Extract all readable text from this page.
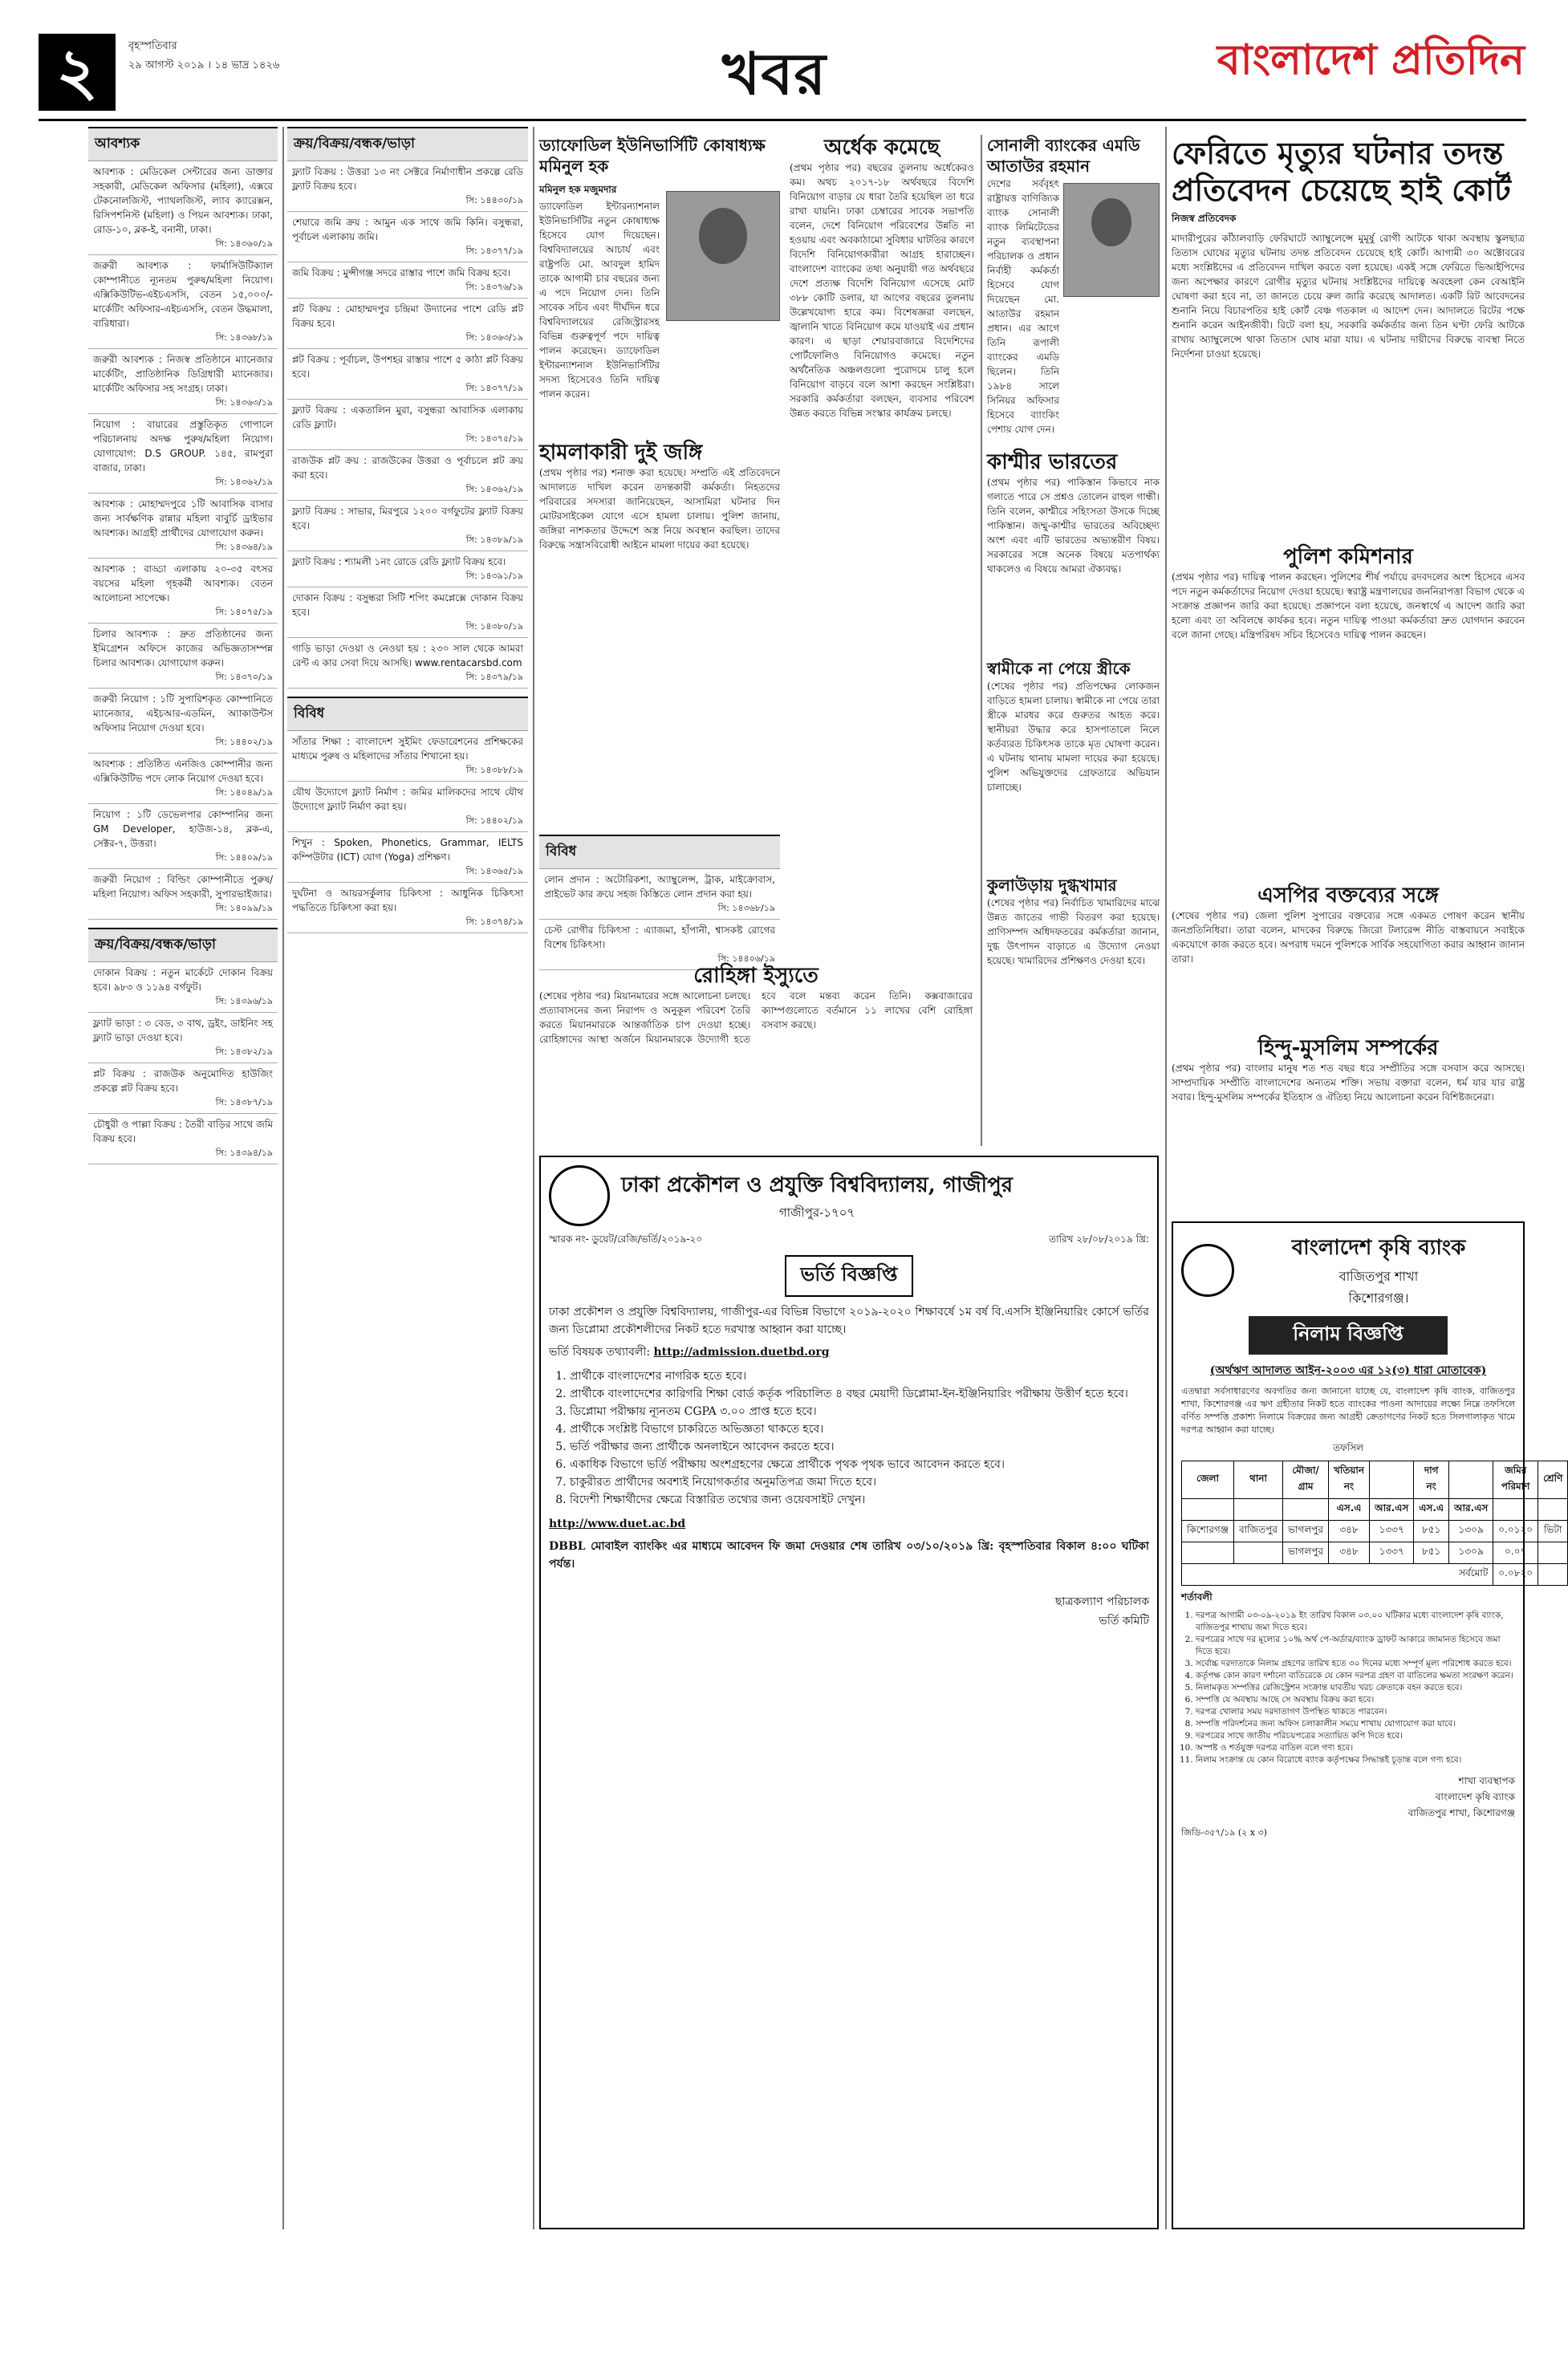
২	বৃহস্পতিবার
২৯ আগস্ট ২০১৯ । ১৪ ভাদ্র ১৪২৬	খবর	বাংলাদেশ প্রতিদিন
আবশ্যক
আবশ্যক : মেডিকেল সেন্টারের জন্য ডাক্তার সহকারী, মেডিকেল অফিসার (মহিলা), এক্সরে টেকনোলজিস্ট, প্যাথলজিস্ট, ল্যাব ক্যারেক্সন, রিসিপশনিস্ট (মহিলা) ও পিয়ন আবশ্যক। ঢাকা, রোড-১০, ব্লক-ই, বনানী, ঢাকা।
সি: ১৪৩৬০/১৯
জরুরী আবশ্যক : ফার্মাসিউটিক্যাল কোম্পানীতে ন্যূনতম পুরুষ/মহিলা নিয়োগ। এক্সিকিউটিভ-এইচএসসি, বেতন ১৫,০০০/- মার্কেটিং অফিসার-এইচএসসি, বেতন উদ্ধমালা, বারিধারা।
সি: ১৪৩৬৮/১৯
জরুরী আবশ্যক : নিজস্ব প্রতিষ্ঠানে ম্যানেজার মার্কেটিং, প্রাতিষ্ঠানিক ডিগ্রিধারী ম্যানেজার। মার্কেটিং অফিসার সহ সংগ্রহ। ঢাকা।
সি: ১৪৩৬৩/১৯
নিয়োগ : বায়ারের প্রস্তুতিকৃত গোপালে পরিচালনায় অদক্ষ পুরুষ/মহিলা নিয়োগ। যোগাযোগ: D.S GROUP. ১৪৫, রামপুরা বাজার, ঢাকা।
সি: ১৪৩৬২/১৯
আবশ্যক : মোহাম্মদপুরে ১টি আবাসিক বাসার জন্য সার্বক্ষণিক রান্নার মহিলা বাবুর্চি ড্রাইভার আবশ্যক। আগ্রহী প্রার্থীদের যোগাযোগ করুন।
সি: ১৪৩৬৪/১৯
আবশ্যক : বাড্ডা এলাকায় ২০-৩৫ বৎসর বয়সের মহিলা গৃহকর্মী আবশ্যক। বেতন আলোচনা সাপেক্ষে।
সি: ১৪০৭৫/১৯
চিলার আবশ্যক : দ্রুত প্রতিষ্ঠানের জন্য ইমিগ্রেশন অফিসে কাজের অভিজ্ঞতাসম্পন্ন চিলার আবশ্যক। যোগাযোগ করুন।
সি: ১৪৩৭০/১৯
জরুরী নিয়োগ : ১টি সুপারিশকৃত কোম্পানিতে ম্যানেজার, এইচআর-এডমিন, অ্যাকাউন্টস অফিসার নিয়োগ দেওয়া হবে।
সি: ১৪৪০২/১৯
আবশ্যক : প্রতিষ্ঠিত এনজিও কোম্পানীর জন্য এক্সিকিউটিভ পদে লোক নিয়োগ দেওয়া হবে।
সি: ১৪০৪৯/১৯
নিয়োগ : ১টি ডেভেলপার কোম্পানির জন্য GM Developer, হাউজ-১৪, ব্লক-এ, সেক্টর-৭, উত্তরা।
সি: ১৪৪০৯/১৯
জরুরী নিয়োগ : বিল্ডিং কোম্পানীতে পুরুষ/মহিলা নিয়োগ। অফিস সহকারী, সুপারভাইজার।
সি: ১৪০৯৯/১৯
ক্রয়/বিক্রয়/বন্ধক/ভাড়া
দোকান বিক্রয় : নতুন মার্কেটে দোকান বিক্রয় হবে। ৯৮৩ ও ১১৯৪ বর্গফুট।
সি: ১৪৩৯৬/১৯
ফ্ল্যাট ভাড়া : ৩ বেড, ৩ বাথ, ড্রইং, ডাইনিং সহ ফ্ল্যাট ভাড়া দেওয়া হবে।
সি: ১৪৩৮২/১৯
প্লট বিক্রয় : রাজউক অনুমোদিত হাউজিং প্রকল্পে প্লট বিক্রয় হবে।
সি: ১৪৩৮৭/১৯
চৌধুরী ও পাল্লা বিক্রয় : তৈরী বাড়ির সাথে জমি বিক্রয় হবে।
সি: ১৪৩৯৪/১৯
ক্রয়/বিক্রয়/বন্ধক/ভাড়া
ফ্ল্যাট বিক্রয় : উত্তরা ১৩ নং সেক্টরে নির্মাণাধীন প্রকল্পে রেডি ফ্ল্যাট বিক্রয় হবে।
সি: ১৪৪৩০/১৯
শেয়ারে জমি ক্রয় : আমুন এক সাথে জমি কিনি। বসুন্ধরা, পূর্বাচল এলাকায় জমি।
সি: ১৪৩৭৭/১৯
জমি বিক্রয় : মুন্সীগঞ্জ সদরে রাস্তার পাশে জমি বিক্রয় হবে।
সি: ১৪৩৭৬/১৯
প্লট বিক্রয় : মোহাম্মদপুর চন্দ্রিমা উদ্যানের পাশে রেডি প্লট বিক্রয় হবে।
সি: ১৪৩৬৩/১৯
প্লট বিক্রয় : পূর্বাচল, উপশহর রাস্তার পাশে ৫ কাঠা প্লট বিক্রয় হবে।
সি: ১৪৩৭৭/১৯
ফ্ল্যাট বিক্রয় : একতালিন মুরা, বসুন্ধরা আবাসিক এলাকায় রেডি ফ্ল্যাট।
সি: ১৪৩৭৫/১৯
রাজউক প্লট ক্রয় : রাজউকের উত্তরা ও পূর্বাচলে প্লট ক্রয় করা হবে।
সি: ১৪৩৬২/১৯
ফ্ল্যাট বিক্রয় : সাভার, মিরপুরে ১২০০ বর্গফুটের ফ্ল্যাট বিক্রয় হবে।
সি: ১৪৩৮৯/১৯
ফ্ল্যাট বিক্রয় : শ্যামলী ১নং রোডে রেডি ফ্ল্যাট বিক্রয় হবে।
সি: ১৪৩৯১/১৯
দোকান বিক্রয় : বসুন্ধরা সিটি শপিং কমপ্লেক্সে দোকান বিক্রয় হবে।
সি: ১৪৩৮০/১৯
গাড়ি ভাড়া দেওয়া ও নেওয়া হয় : ২৩০ সাল থেকে আমরা রেন্ট এ কার সেবা দিয়ে আসছি। www.rentacarsbd.com
সি: ১৪৩৭৯/১৯
বিবিধ
সাঁতার শিক্ষা : বাংলাদেশ সুইমিং ফেডারেশনের প্রশিক্ষকের মাধ্যমে পুরুষ ও মহিলাদের সাঁতার শিখানো হয়।
সি: ১৪৩৮৮/১৯
যৌথ উদ্যোগে ফ্ল্যাট নির্মাণ : জমির মালিকদের সাথে যৌথ উদ্যোগে ফ্ল্যাট নির্মাণ করা হয়।
সি: ১৪৪০২/১৯
শিখুন : Spoken, Phonetics, Grammar, IELTS কম্পিউটার (ICT) যোগ (Yoga) প্রশিক্ষণ।
সি: ১৪৩৬৫/১৯
দুর্ঘটনা ও আয়রসর্কুলার চিকিৎসা : আধুনিক চিকিৎসা পদ্ধতিতে চিকিৎসা করা হয়।
সি: ১৪৩৭৪/১৯
ড্যাফোডিল ইউনিভার্সিটি কোষাধ্যক্ষ মমিনুল হক
মমিনুল হক মজুমদার
ড্যাফোডিল ইন্টারন্যাশনাল ইউনিভার্সিটির নতুন কোষাধ্যক্ষ হিসেবে যোগ দিয়েছেন। বিশ্ববিদ্যালয়ের আচার্য এবং রাষ্ট্রপতি মো. আবদুল হামিদ তাকে আগামী চার বছরের জন্য এ পদে নিয়োগ দেন। তিনি সাবেক সচিব এবং দীর্ঘদিন ধরে বিশ্ববিদ্যালয়ের রেজিস্ট্রারসহ বিভিন্ন গুরুত্বপূর্ণ পদে দায়িত্ব পালন করেছেন। ড্যাফোডিল ইন্টারন্যাশনাল ইউনিভার্সিটির সদস্য হিসেবেও তিনি দায়িত্ব পালন করেন।
হামলাকারী দুই জঙ্গি
(প্রথম পৃষ্ঠার পর) শনাক্ত করা হয়েছে। সম্প্রতি এই প্রতিবেদনে আদালতে দাখিল করেন তদন্তকারী কর্মকর্তা। নিহতদের পরিবারের সদস্যরা জানিয়েছেন, আসামিরা ঘটনার দিন মোটরসাইকেল যোগে এসে হামলা চালায়। পুলিশ জানায়, জঙ্গিরা নাশকতার উদ্দেশে অস্ত্র নিয়ে অবস্থান করছিল। তাদের বিরুদ্ধে সন্ত্রাসবিরোধী আইনে মামলা দায়ের করা হয়েছে।
বিবিধ
লোন প্রদান : অটোরিকশা, অ্যাম্বুলেন্স, ট্রাক, মাইক্রোবাস, প্রাইভেট কার ক্রয়ে সহজ কিস্তিতে লোন প্রদান করা হয়।
সি: ১৪৩৬৮/১৯
চেস্ট রোগীর চিকিৎসা : এ্যাজমা, হাঁপানী, শ্বাসকষ্ট রোগের বিশেষ চিকিৎসা।
সি: ১৪৪০৬/১৯
অর্ধেক কমেছে
(প্রথম পৃষ্ঠার পর) বছরের তুলনায় অর্ধেকেরও কম। অথচ ২০১৭-১৮ অর্থবছরে বিদেশি বিনিয়োগ বাড়ার যে ধারা তৈরি হয়েছিল তা ধরে রাখা যায়নি। ঢাকা চেম্বারের সাবেক সভাপতি বলেন, দেশে বিনিয়োগ পরিবেশের উন্নতি না হওয়ায় এবং অবকাঠামো সুবিধার ঘাটতির কারণে বিদেশি বিনিয়োগকারীরা আগ্রহ হারাচ্ছেন। বাংলাদেশ ব্যাংকের তথ্য অনুযায়ী গত অর্থবছরে দেশে প্রত্যক্ষ বিদেশি বিনিয়োগ এসেছে মোট ৩৮৮ কোটি ডলার, যা আগের বছরের তুলনায় উল্লেখযোগ্য হারে কম। বিশেষজ্ঞরা বলছেন, জ্বালানি খাতে বিনিয়োগ কমে যাওয়াই এর প্রধান কারণ। এ ছাড়া শেয়ারবাজারে বিদেশিদের পোর্টফোলিও বিনিয়োগও কমেছে। নতুন অর্থনৈতিক অঞ্চলগুলো পুরোদমে চালু হলে বিনিয়োগ বাড়বে বলে আশা করছেন সংশ্লিষ্টরা। সরকারি কর্মকর্তারা বলছেন, ব্যবসার পরিবেশ উন্নত করতে বিভিন্ন সংস্কার কার্যক্রম চলছে।
রোহিঙ্গা ইস্যুতে
(শেষের পৃষ্ঠার পর) মিয়ানমারের সঙ্গে আলোচনা চলছে। প্রত্যাবাসনের জন্য নিরাপদ ও অনুকূল পরিবেশ তৈরি করতে মিয়ানমারকে আন্তর্জাতিক চাপ দেওয়া হচ্ছে। রোহিঙ্গাদের আস্থা অর্জনে মিয়ানমারকে উদ্যোগী হতে হবে বলে মন্তব্য করেন তিনি। কক্সবাজারের ক্যাম্পগুলোতে বর্তমানে ১১ লাখের বেশি রোহিঙ্গা বসবাস করছে।
সোনালী ব্যাংকের এমডি আতাউর রহমান
দেশের সর্ববৃহৎ রাষ্ট্রায়ত্ত বাণিজ্যিক ব্যাংক সোনালী ব্যাংক লিমিটেডের নতুন ব্যবস্থাপনা পরিচালক ও প্রধান নির্বাহী কর্মকর্তা হিসেবে যোগ দিয়েছেন মো. আতাউর রহমান প্রধান। এর আগে তিনি রূপালী ব্যাংকের এমডি ছিলেন। তিনি ১৯৮৪ সালে সিনিয়র অফিসার হিসেবে ব্যাংকিং পেশায় যোগ দেন।
কাশ্মীর ভারতের
(প্রথম পৃষ্ঠার পর) পাকিস্তান কিভাবে নাক গলাতে পারে সে প্রশ্নও তোলেন রাহুল গান্ধী। তিনি বলেন, কাশ্মীরে সহিংসতা উসকে দিচ্ছে পাকিস্তান। জম্মু-কাশ্মীর ভারতের অবিচ্ছেদ্য অংশ এবং এটি ভারতের অভ্যন্তরীণ বিষয়। সরকারের সঙ্গে অনেক বিষয়ে মতপার্থক্য থাকলেও এ বিষয়ে আমরা ঐক্যবদ্ধ।
স্বামীকে না পেয়ে স্ত্রীকে
(শেষের পৃষ্ঠার পর) প্রতিপক্ষের লোকজন বাড়িতে হামলা চালায়। স্বামীকে না পেয়ে তারা স্ত্রীকে মারধর করে গুরুতর আহত করে। স্থানীয়রা উদ্ধার করে হাসপাতালে নিলে কর্তব্যরত চিকিৎসক তাকে মৃত ঘোষণা করেন। এ ঘটনায় থানায় মামলা দায়ের করা হয়েছে। পুলিশ অভিযুক্তদের গ্রেফতারে অভিযান চালাচ্ছে।
কুলাউড়ায় দুগ্ধখামার
(শেষের পৃষ্ঠার পর) নির্বাচিত খামারিদের মাঝে উন্নত জাতের গাভী বিতরণ করা হয়েছে। প্রাণিসম্পদ অধিদফতরের কর্মকর্তারা জানান, দুগ্ধ উৎপাদন বাড়াতে এ উদ্যোগ নেওয়া হয়েছে। খামারিদের প্রশিক্ষণও দেওয়া হবে।
ফেরিতে মৃত্যুর ঘটনার তদন্ত প্রতিবেদন চেয়েছে হাই কোর্ট
নিজস্ব প্রতিবেদক
মাদারীপুরের কাঁঠালবাড়ি ফেরিঘাটে অ্যাম্বুলেন্সে মুমূর্ষু রোগী আটকে থাকা অবস্থায় স্কুলছাত্র তিতাস ঘোষের মৃত্যুর ঘটনায় তদন্ত প্রতিবেদন চেয়েছে হাই কোর্ট। আগামী ৩০ অক্টোবরের মধ্যে সংশ্লিষ্টদের এ প্রতিবেদন দাখিল করতে বলা হয়েছে। একই সঙ্গে ফেরিতে ভিআইপিদের জন্য অপেক্ষার কারণে রোগীর মৃত্যুর ঘটনায় সংশ্লিষ্টদের দায়িত্বে অবহেলা কেন বেআইনি ঘোষণা করা হবে না, তা জানতে চেয়ে রুল জারি করেছে আদালত। একটি রিট আবেদনের শুনানি নিয়ে বিচারপতির হাই কোর্ট বেঞ্চ গতকাল এ আদেশ দেন। আদালতে রিটের পক্ষে শুনানি করেন আইনজীবী। রিটে বলা হয়, সরকারি কর্মকর্তার জন্য তিন ঘণ্টা ফেরি আটকে রাখায় অ্যাম্বুলেন্সে থাকা তিতাস ঘোষ মারা যায়। এ ঘটনায় দায়ীদের বিরুদ্ধে ব্যবস্থা নিতে নির্দেশনা চাওয়া হয়েছে।
পুলিশ কমিশনার
(প্রথম পৃষ্ঠার পর) দায়িত্ব পালন করছেন। পুলিশের শীর্ষ পর্যায়ে রদবদলের অংশ হিসেবে এসব পদে নতুন কর্মকর্তাদের নিয়োগ দেওয়া হয়েছে। স্বরাষ্ট্র মন্ত্রণালয়ের জননিরাপত্তা বিভাগ থেকে এ সংক্রান্ত প্রজ্ঞাপন জারি করা হয়েছে। প্রজ্ঞাপনে বলা হয়েছে, জনস্বার্থে এ আদেশ জারি করা হলো এবং তা অবিলম্বে কার্যকর হবে। নতুন দায়িত্ব পাওয়া কর্মকর্তারা দ্রুত যোগদান করবেন বলে জানা গেছে। মন্ত্রিপরিষদ সচিব হিসেবেও দায়িত্ব পালন করছেন।
এসপির বক্তব্যের সঙ্গে
(শেষের পৃষ্ঠার পর) জেলা পুলিশ সুপারের বক্তব্যের সঙ্গে একমত পোষণ করেন স্থানীয় জনপ্রতিনিধিরা। তারা বলেন, মাদকের বিরুদ্ধে জিরো টলারেন্স নীতি বাস্তবায়নে সবাইকে একযোগে কাজ করতে হবে। অপরাধ দমনে পুলিশকে সার্বিক সহযোগিতা করার আহ্বান জানান তারা।
হিন্দু-মুসলিম সম্পর্কের
(প্রথম পৃষ্ঠার পর) বাংলার মানুষ শত শত বছর ধরে সম্প্রীতির সঙ্গে বসবাস করে আসছে। সাম্প্রদায়িক সম্প্রীতি বাংলাদেশের অন্যতম শক্তি। সভায় বক্তারা বলেন, ধর্ম যার যার রাষ্ট্র সবার। হিন্দু-মুসলিম সম্পর্কের ইতিহাস ও ঐতিহ্য নিয়ে আলোচনা করেন বিশিষ্টজনেরা।
ঢাকা প্রকৌশল ও প্রযুক্তি বিশ্ববিদ্যালয়, গাজীপুর
গাজীপুর-১৭০৭
স্মারক নং- ডুয়েট/রেজি/ভর্তি/২০১৯-২০	তারিখ ২৮/০৮/২০১৯ খ্রি:
ভর্তি বিজ্ঞপ্তি
ঢাকা প্রকৌশল ও প্রযুক্তি বিশ্ববিদ্যালয়, গাজীপুর-এর বিভিন্ন বিভাগে ২০১৯-২০২০ শিক্ষাবর্ষে ১ম বর্ষ বি.এসসি ইঞ্জিনিয়ারিং কোর্সে ভর্তির জন্য ডিপ্লোমা প্রকৌশলীদের নিকট হতে দরখাস্ত আহ্বান করা যাচ্ছে।
ভর্তি বিষয়ক তথ্যাবলী: http://admission.duetbd.org
1. প্রার্থীকে বাংলাদেশের নাগরিক হতে হবে।
2. প্রার্থীকে বাংলাদেশের কারিগরি শিক্ষা বোর্ড কর্তৃক পরিচালিত ৪ বছর মেয়াদী ডিপ্লোমা-ইন-ইঞ্জিনিয়ারিং পরীক্ষায় উত্তীর্ণ হতে হবে।
3. ডিপ্লোমা পরীক্ষায় ন্যূনতম CGPA ৩.০০ প্রাপ্ত হতে হবে।
4. প্রার্থীকে সংশ্লিষ্ট বিভাগে চাকরিতে অভিজ্ঞতা থাকতে হবে।
5. ভর্তি পরীক্ষার জন্য প্রার্থীকে অনলাইনে আবেদন করতে হবে।
6. একাধিক বিভাগে ভর্তি পরীক্ষায় অংশগ্রহণের ক্ষেত্রে প্রার্থীকে পৃথক পৃথক ভাবে আবেদন করতে হবে।
7. চাকুরীরত প্রার্থীদের অবশ্যই নিয়োগকর্তার অনুমতিপত্র জমা দিতে হবে।
8. বিদেশী শিক্ষার্থীদের ক্ষেত্রে বিস্তারিত তথ্যের জন্য ওয়েবসাইট দেখুন।
http://www.duet.ac.bd
DBBL মোবাইল ব্যাংকিং এর মাধ্যমে আবেদন ফি জমা দেওয়ার শেষ তারিখ ০৩/১০/২০১৯ খ্রি: বৃহস্পতিবার বিকাল ৪:০০ ঘটিকা পর্যন্ত।
ছাত্রকল্যাণ পরিচালক
ভর্তি কমিটি
বাংলাদেশ কৃষি ব্যাংক
বাজিতপুর শাখা
কিশোরগঞ্জ।
নিলাম বিজ্ঞপ্তি
(অর্থঋণ আদালত আইন-২০০৩ এর ১২(৩) ধারা মোতাবেক)
এতদ্বারা সর্বসাধারণের অবগতির জন্য জানানো যাচ্ছে যে, বাংলাদেশ কৃষি ব্যাংক, বাজিতপুর শাখা, কিশোরগঞ্জ এর ঋণ গ্রহীতার নিকট হতে ব্যাংকের পাওনা আদায়ের লক্ষ্যে নিম্নে তফসিলে বর্ণিত সম্পত্তি প্রকাশ্য নিলামে বিক্রয়ের জন্য আগ্রহী ক্রেতাগণের নিকট হতে সিলগালাকৃত খামে দরপত্র আহ্বান করা যাচ্ছে।
তফসিল
জেলা	থানা	মৌজা/গ্রাম	খতিয়ান নং		দাগ নং		জমির পরিমাণ	শ্রেণি
			এস.এ	আর.এস	এস.এ	আর.এস		
কিশোরগঞ্জ	বাজিতপুর	ভাগলপুর	৩৪৮	১৩৩৭	৮৫১	১৩০৯	০.০১২০	ভিটা
		ভাগলপুর	৩৪৮	১৩৩৭	৮৫১	১৩০৯	০.০৭	
সর্বমোট							০.০৮২০	
শর্তাবলী
1. দরপত্র আগামী ০৩-০৯-২০১৯ ইং তারিখ বিকাল ০৩.০০ ঘটিকার মধ্যে বাংলাদেশ কৃষি ব্যাংক, বাজিতপুর শাখায় জমা দিতে হবে।
2. দরপত্রের সাথে দর মূল্যের ১০% অর্থ পে-অর্ডার/ব্যাংক ড্রাফট আকারে জামানত হিসেবে জমা দিতে হবে।
3. সর্বোচ্চ দরদাতাকে নিলাম গ্রহণের তারিখ হতে ৩০ দিনের মধ্যে সম্পূর্ণ মূল্য পরিশোধ করতে হবে।
4. কর্তৃপক্ষ কোন কারণ দর্শানো ব্যতিরেকে যে কোন দরপত্র গ্রহণ বা বাতিলের ক্ষমতা সংরক্ষণ করেন।
5. নিলামকৃত সম্পত্তির রেজিস্ট্রেশন সংক্রান্ত যাবতীয় খরচ ক্রেতাকে বহন করতে হবে।
6. সম্পত্তি যে অবস্থায় আছে সে অবস্থায় বিক্রয় করা হবে।
7. দরপত্র খোলার সময় দরদাতাগণ উপস্থিত থাকতে পারবেন।
8. সম্পত্তি পরিদর্শনের জন্য অফিস চলাকালীন সময়ে শাখায় যোগাযোগ করা যাবে।
9. দরপত্রের সাথে জাতীয় পরিচয়পত্রের সত্যায়িত কপি দিতে হবে।
10. অস্পষ্ট ও শর্তযুক্ত দরপত্র বাতিল বলে গণ্য হবে।
11. নিলাম সংক্রান্ত যে কোন বিরোধে ব্যাংক কর্তৃপক্ষের সিদ্ধান্তই চূড়ান্ত বলে গণ্য হবে।
শাখা ব্যবস্থাপক
বাংলাদেশ কৃষি ব্যাংক
বাজিতপুর শাখা, কিশোরগঞ্জ
জিডি-৩৫৭/১৯ (২ x ৩)
